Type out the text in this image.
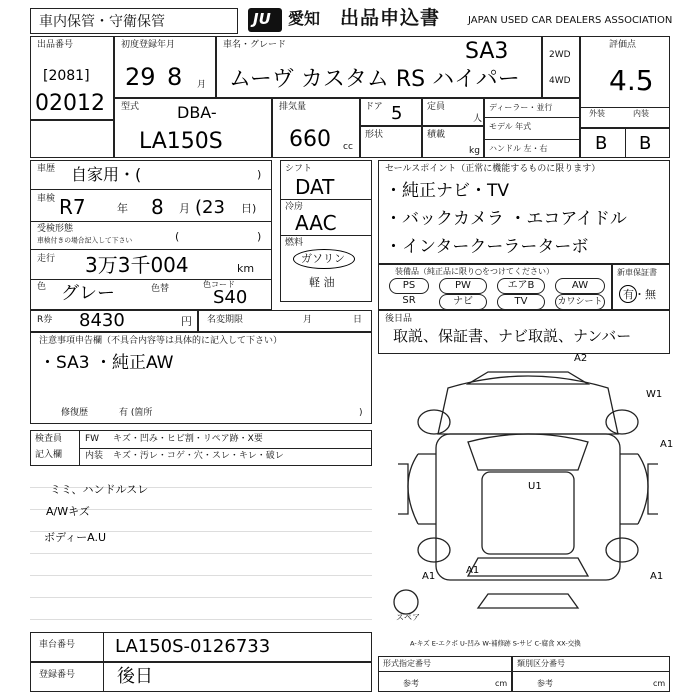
車内保管・守衛保管	JU 愛知 出品申込書	JAPAN USED CAR DEALERS ASSOCIATION
出品番号
[2081]
02012
初度登録年月
29 8 月
車名・グレード	SA3
ムーヴ カスタム RS ハイパー
2WD
4WD
評価点
4.5
外装	内装
B B
型式 DBA-
LA150S
排気量
660 cc
ドア 5	定員
人
形状	積載
kg
ディーラー・並行
モデル 年式
ハンドル 左・右
車歴 自家用・(	)
車検 R7	年 8 月 (23 日)
受検形態
車検付きの場合記入して下さい	(	)
走行 3万3千004	km
色 グレー	色替	色コード
S40
シフト
DAT
冷房
AAC
燃料
ガソリン
軽 油
セールスポイント（正常に機能するものに限ります）
・純正ナビ・TV
・バックカメラ ・エコアイドル
・インタークーラーターボ
装備品（純正品に限り○をつけてください）
PS	PW	エアB	AW
SR	ナビ	TV	カワシート
新車保証書
有・無
R券 8430	円 名変期限	月	日	後日品
取説、保証書、ナビ取説、ナンバー
注意事項申告欄（不具合内容等は具体的に記入して下さい）
・SA3 ・純正AW
修復歴	有 (箇所	)
検査員
記入欄
FW キズ・凹み・ヒビ割・リペア跡・X要
内装 キズ・汚レ・コゲ・穴・スレ・キレ・破レ
ミミ、ハンドルスレ
A/Wキズ
ボディーA.U
A2
W1
A1
U1
A1
A1
A1
スペア
A-キズ E-エクボ U-凹み W-補修跡 S-サビ C-腐食 XX-交換
車台番号 LA150S-0126733
登録番号 後日
形式指定番号
参考	cm
類別区分番号
参考	cm
